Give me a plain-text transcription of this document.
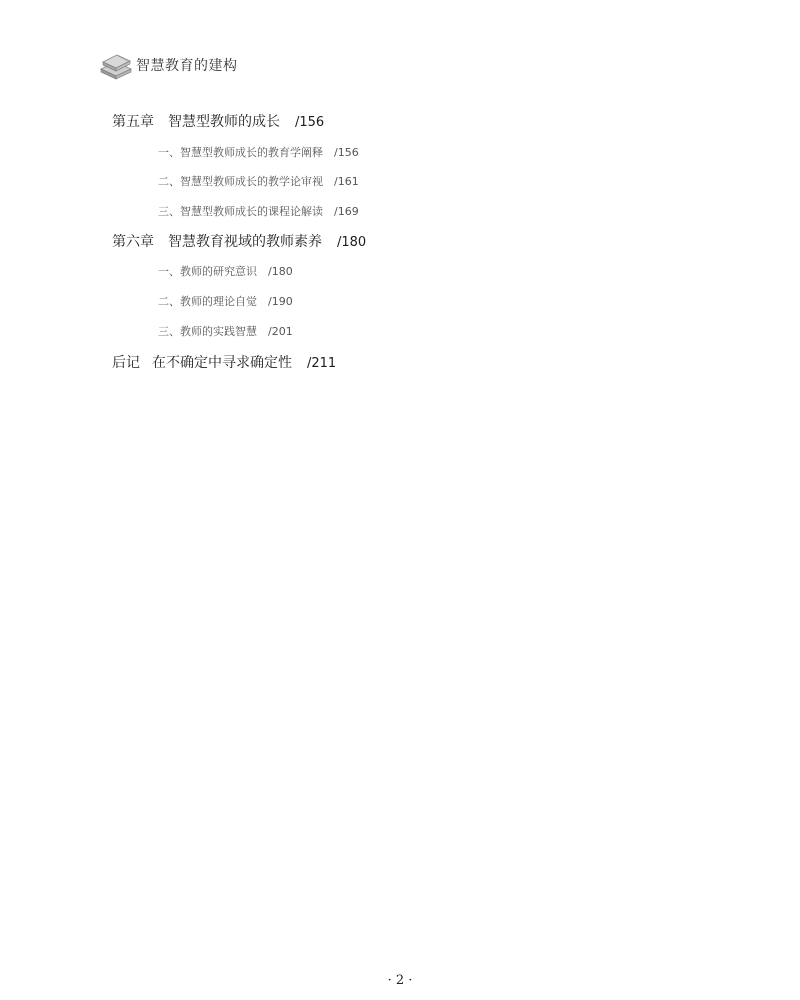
智慧教育的建构
第五章 智慧型教师的成长 /156
一、智慧型教师成长的教育学阐释 /156
二、智慧型教师成长的教学论审视 /161
三、智慧型教师成长的课程论解读 /169
第六章 智慧教育视域的教师素养 /180
一、教师的研究意识 /180
二、教师的理论自觉 /190
三、教师的实践智慧 /201
后记 在不确定中寻求确定性 /211
· 2 ·
